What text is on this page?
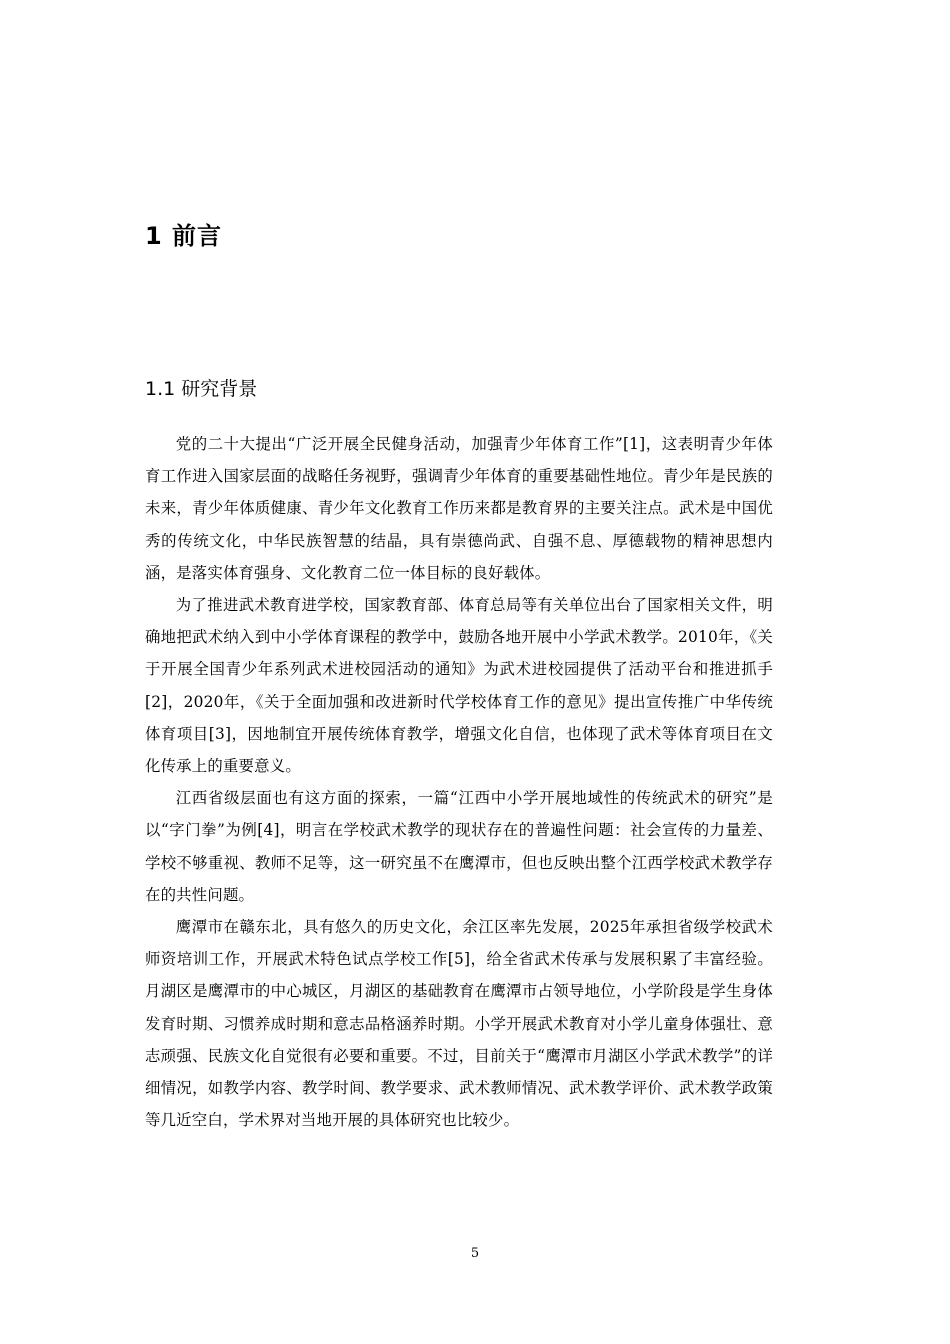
1 前言
1.1 研究背景

党的二十大提出“广泛开展全民健身活动，加强青少年体育工作”[1]，这表明青少年体育工作进入国家层面的战略任务视野，强调青少年体育的重要基础性地位。青少年是民族的未来，青少年体质健康、青少年文化教育工作历来都是教育界的主要关注点。武术是中国优秀的传统文化，中华民族智慧的结晶，具有崇德尚武、自强不息、厚德载物的精神思想内涵，是落实体育强身、文化教育二位一体目标的良好载体。

为了推进武术教育进学校，国家教育部、体育总局等有关单位出台了国家相关文件，明确地把武术纳入到中小学体育课程的教学中，鼓励各地开展中小学武术教学。2010年，《关于开展全国青少年系列武术进校园活动的通知》为武术进校园提供了活动平台和推进抓手[2]，2020年，《关于全面加强和改进新时代学校体育工作的意见》提出宣传推广中华传统体育项目[3]，因地制宜开展传统体育教学，增强文化自信，也体现了武术等体育项目在文化传承上的重要意义。

江西省级层面也有这方面的探索，一篇“江西中小学开展地域性的传统武术的研究”是以“字门拳”为例[4]，明言在学校武术教学的现状存在的普遍性问题：社会宣传的力量差、学校不够重视、教师不足等，这一研究虽不在鹰潭市，但也反映出整个江西学校武术教学存在的共性问题。

鹰潭市在赣东北，具有悠久的历史文化，余江区率先发展，2025年承担省级学校武术师资培训工作，开展武术特色试点学校工作[5]，给全省武术传承与发展积累了丰富经验。月湖区是鹰潭市的中心城区，月湖区的基础教育在鹰潭市占领导地位，小学阶段是学生身体发育时期、习惯养成时期和意志品格涵养时期。小学开展武术教育对小学儿童身体强壮、意志顽强、民族文化自觉很有必要和重要。不过，目前关于“鹰潭市月湖区小学武术教学”的详细情况，如教学内容、教学时间、教学要求、武术教师情况、武术教学评价、武术教学政策等几近空白，学术界对当地开展的具体研究也比较少。

5
